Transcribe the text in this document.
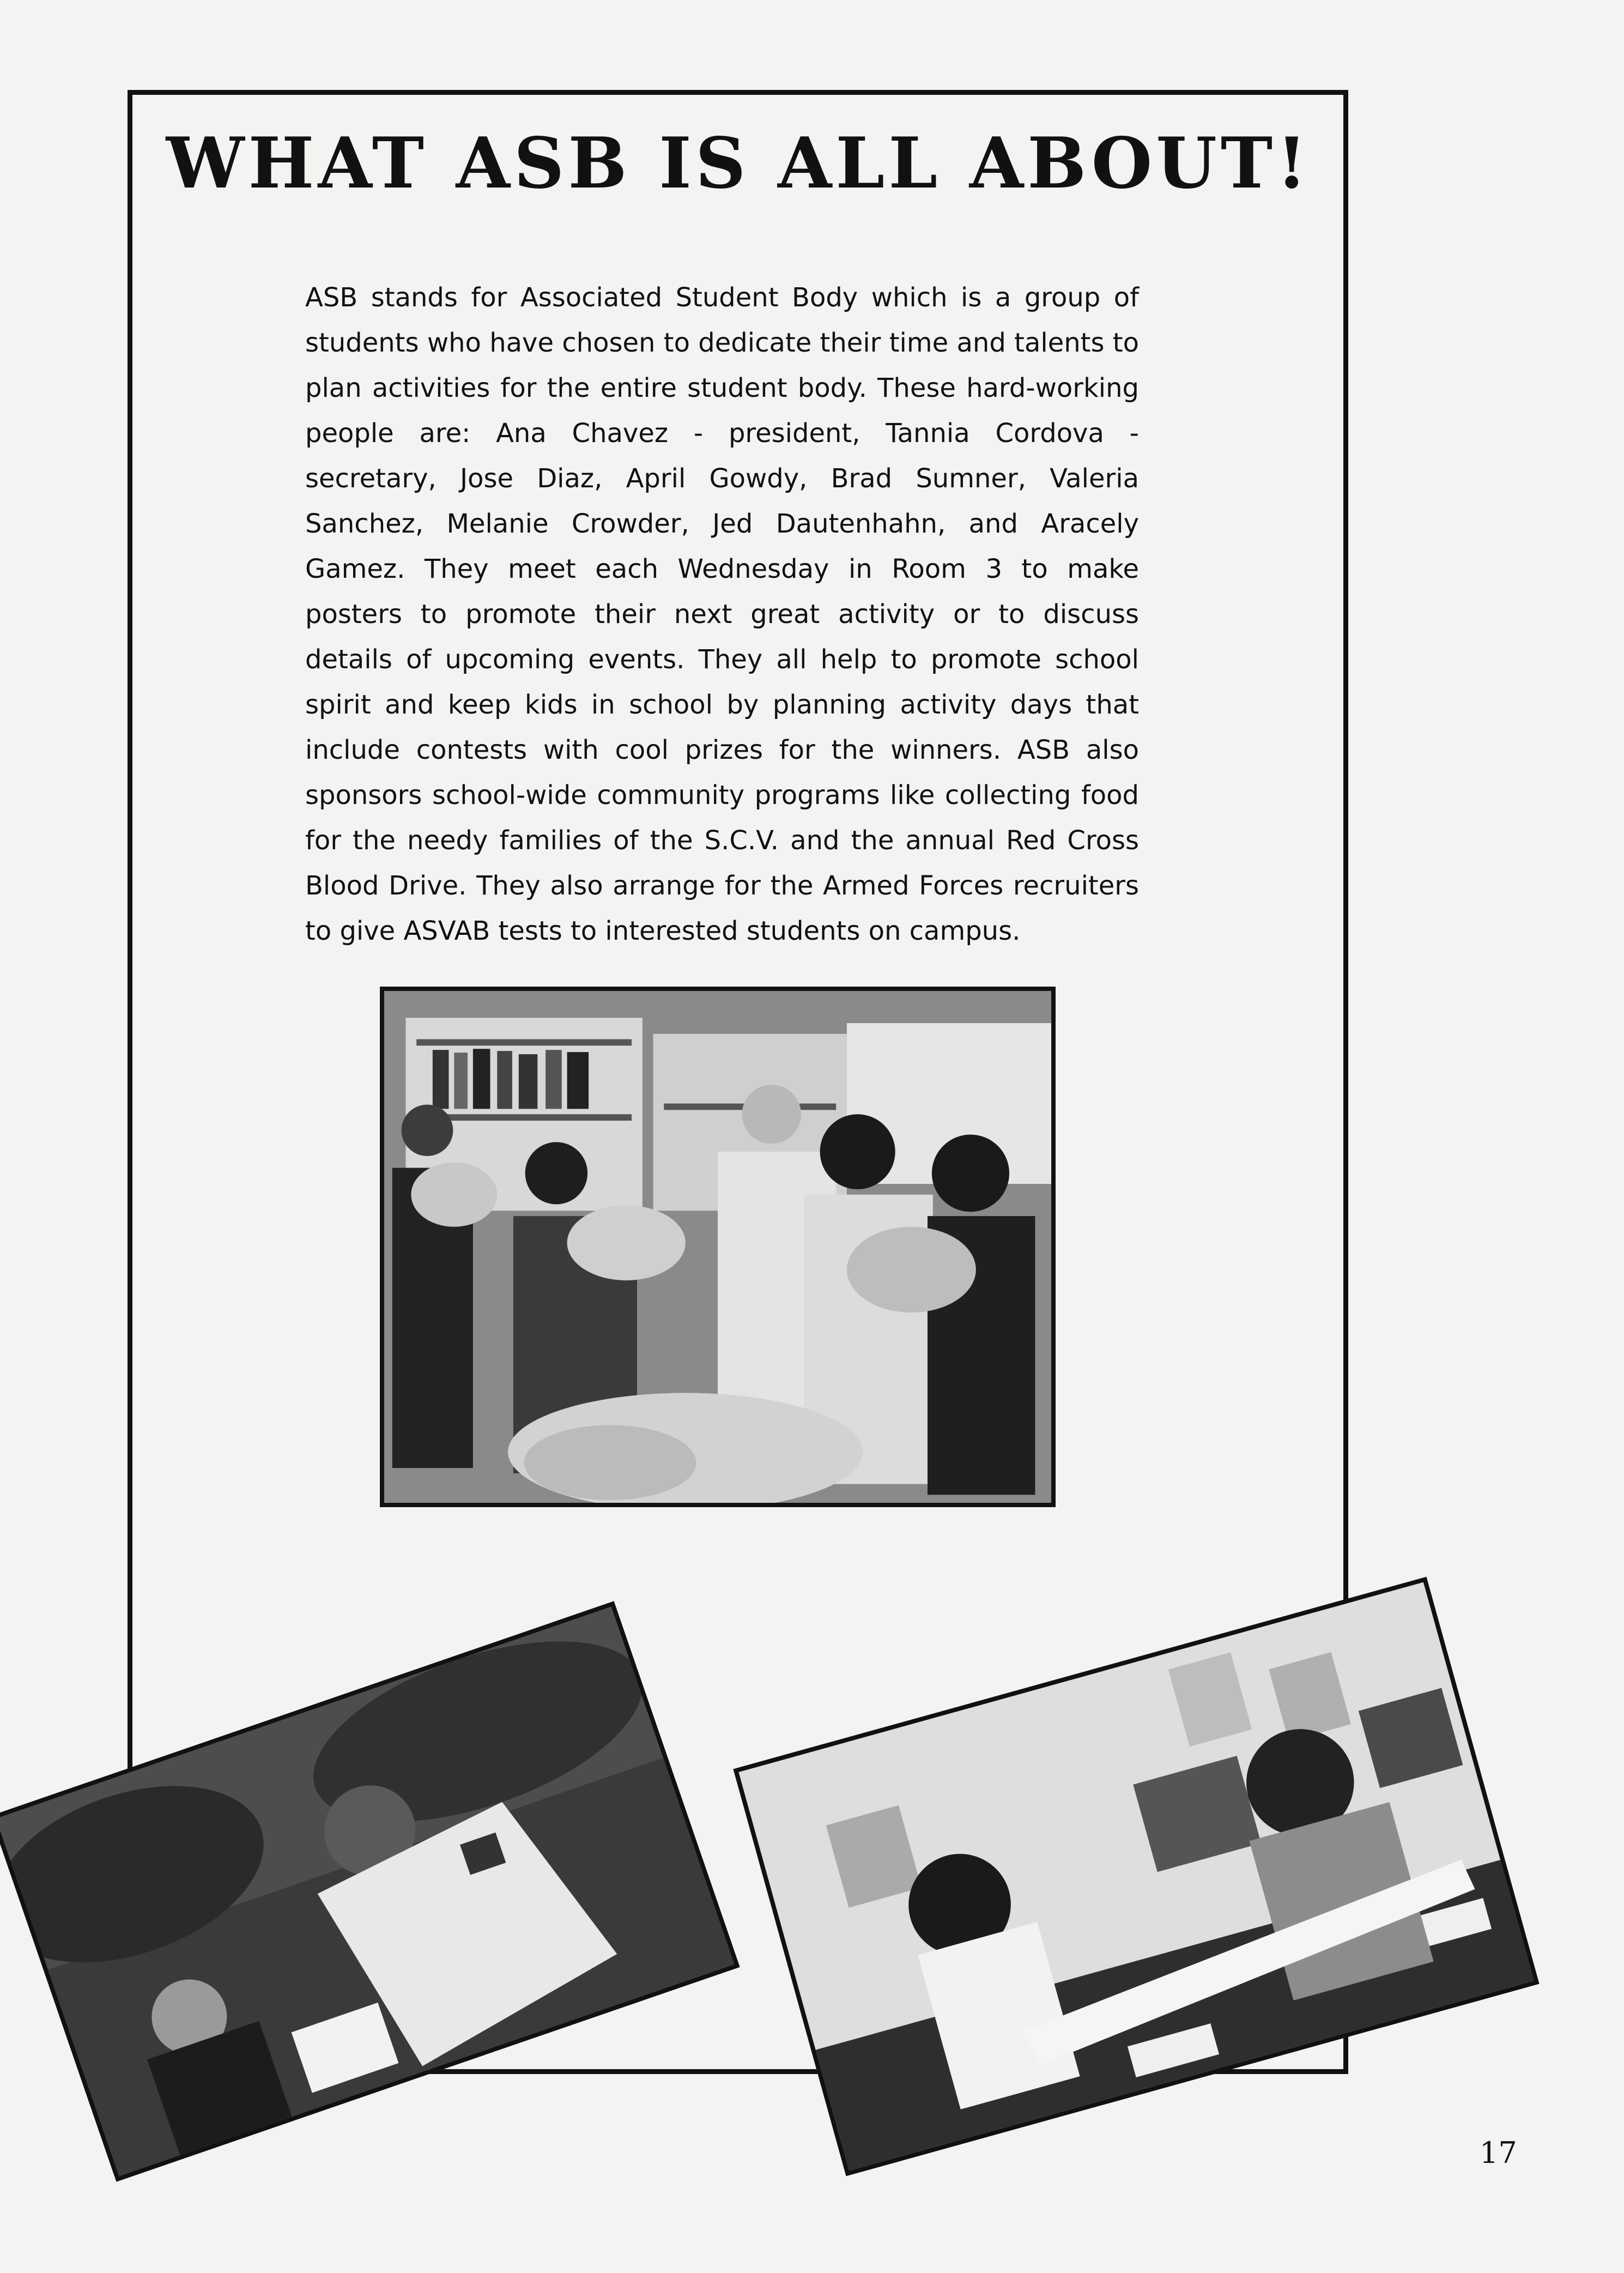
WHAT ASB IS ALL ABOUT!

ASB stands for Associated Student Body which is a group of students who have chosen to dedicate their time and talents to plan activities for the entire student body. These hard-working people are: Ana Chavez - president, Tannia Cordova - secretary, Jose Diaz, April Gowdy, Brad Sumner, Valeria Sanchez, Melanie Crowder, Jed Dautenhahn, and Aracely Gamez. They meet each Wednesday in Room 3 to make posters to promote their next great activity or to discuss details of upcoming events. They all help to promote school spirit and keep kids in school by planning activity days that include contests with cool prizes for the winners. ASB also sponsors school-wide community programs like collecting food for the needy families of the S.C.V. and the annual Red Cross Blood Drive. They also arrange for the Armed Forces recruiters to give ASVAB tests to interested students on campus.

17
